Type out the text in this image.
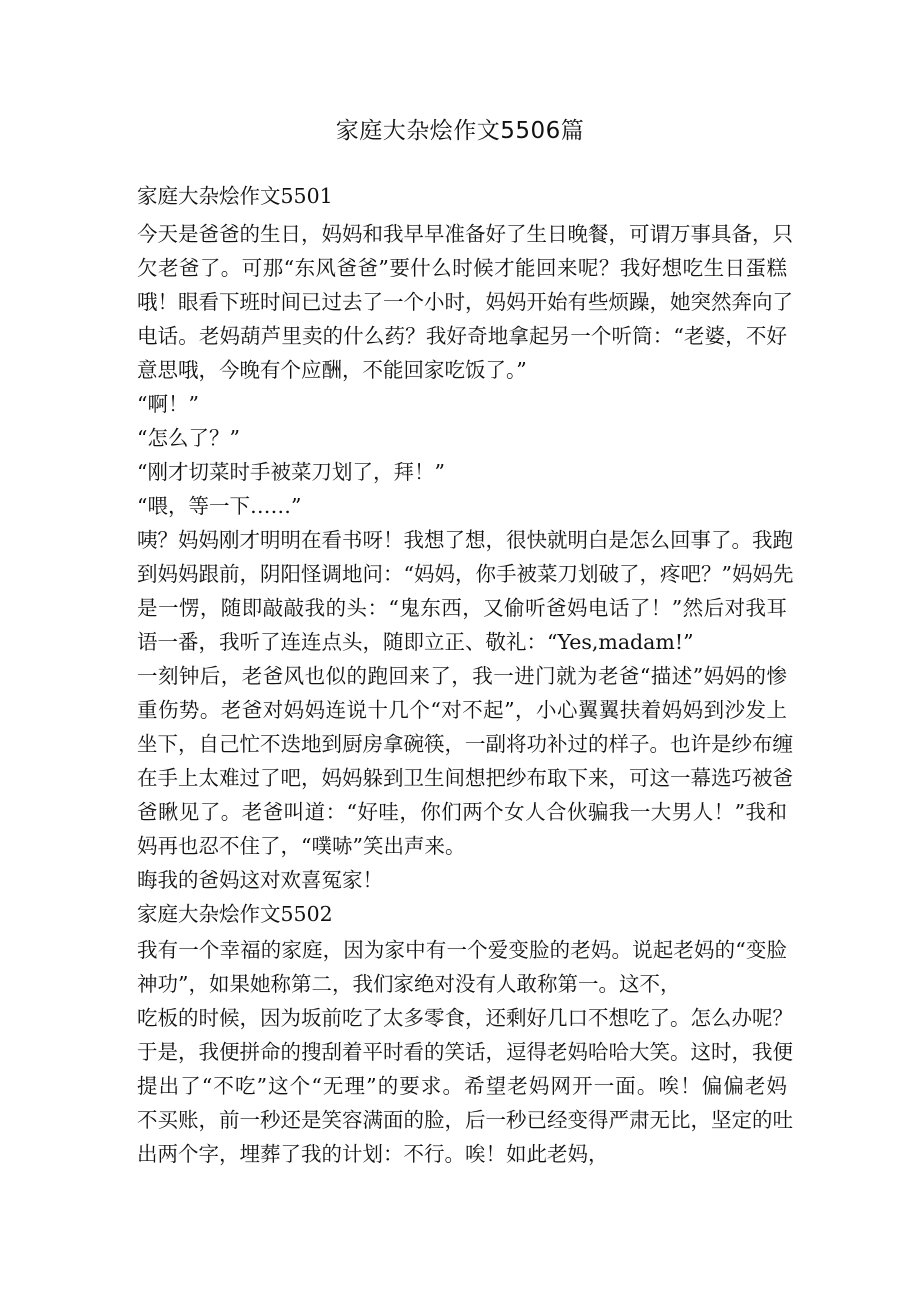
家庭大杂烩作文5506篇
家庭大杂烩作文5501
今天是爸爸的生日，妈妈和我早早准备好了生日晚餐，可谓万事具备，只
欠老爸了。可那“东风爸爸”要什么时候才能回来呢？我好想吃生日蛋糕
哦！眼看下班时间已过去了一个小时，妈妈开始有些烦躁，她突然奔向了
电话。老妈葫芦里卖的什么药？我好奇地拿起另一个听筒：“老婆，不好
意思哦，今晚有个应酬，不能回家吃饭了。”
“啊！”
“怎么了？”
“刚才切菜时手被菜刀划了，拜！”
“喂，等一下……”
咦？妈妈刚才明明在看书呀！我想了想，很快就明白是怎么回事了。我跑
到妈妈跟前，阴阳怪调地问：“妈妈，你手被菜刀划破了，疼吧？”妈妈先
是一愣，随即敲敲我的头：“鬼东西，又偷听爸妈电话了！”然后对我耳
语一番，我听了连连点头，随即立正、敬礼：“Yes,madam!”
一刻钟后，老爸风也似的跑回来了，我一进门就为老爸“描述”妈妈的惨
重伤势。老爸对妈妈连说十几个“对不起”，小心翼翼扶着妈妈到沙发上
坐下，自己忙不迭地到厨房拿碗筷，一副将功补过的样子。也许是纱布缠
在手上太难过了吧，妈妈躲到卫生间想把纱布取下来，可这一幕选巧被爸
爸瞅见了。老爸叫道：“好哇，你们两个女人合伙骗我一大男人！”我和
妈再也忍不住了，“噗哧”笑出声来。
晦我的爸妈这对欢喜冤家！
家庭大杂烩作文5502
我有一个幸福的家庭，因为家中有一个爱变脸的老妈。说起老妈的“变脸
神功”，如果她称第二，我们家绝对没有人敢称第一。这不，
吃板的时候，因为坂前吃了太多零食，还剩好几口不想吃了。怎么办呢？
于是，我便拼命的搜刮着平时看的笑话，逗得老妈哈哈大笑。这时，我便
提出了“不吃”这个“无理”的要求。希望老妈网开一面。唉！偏偏老妈
不买账，前一秒还是笑容满面的脸，后一秒已经变得严肃无比，坚定的吐
出两个字，埋葬了我的计划：不行。唉！如此老妈，
